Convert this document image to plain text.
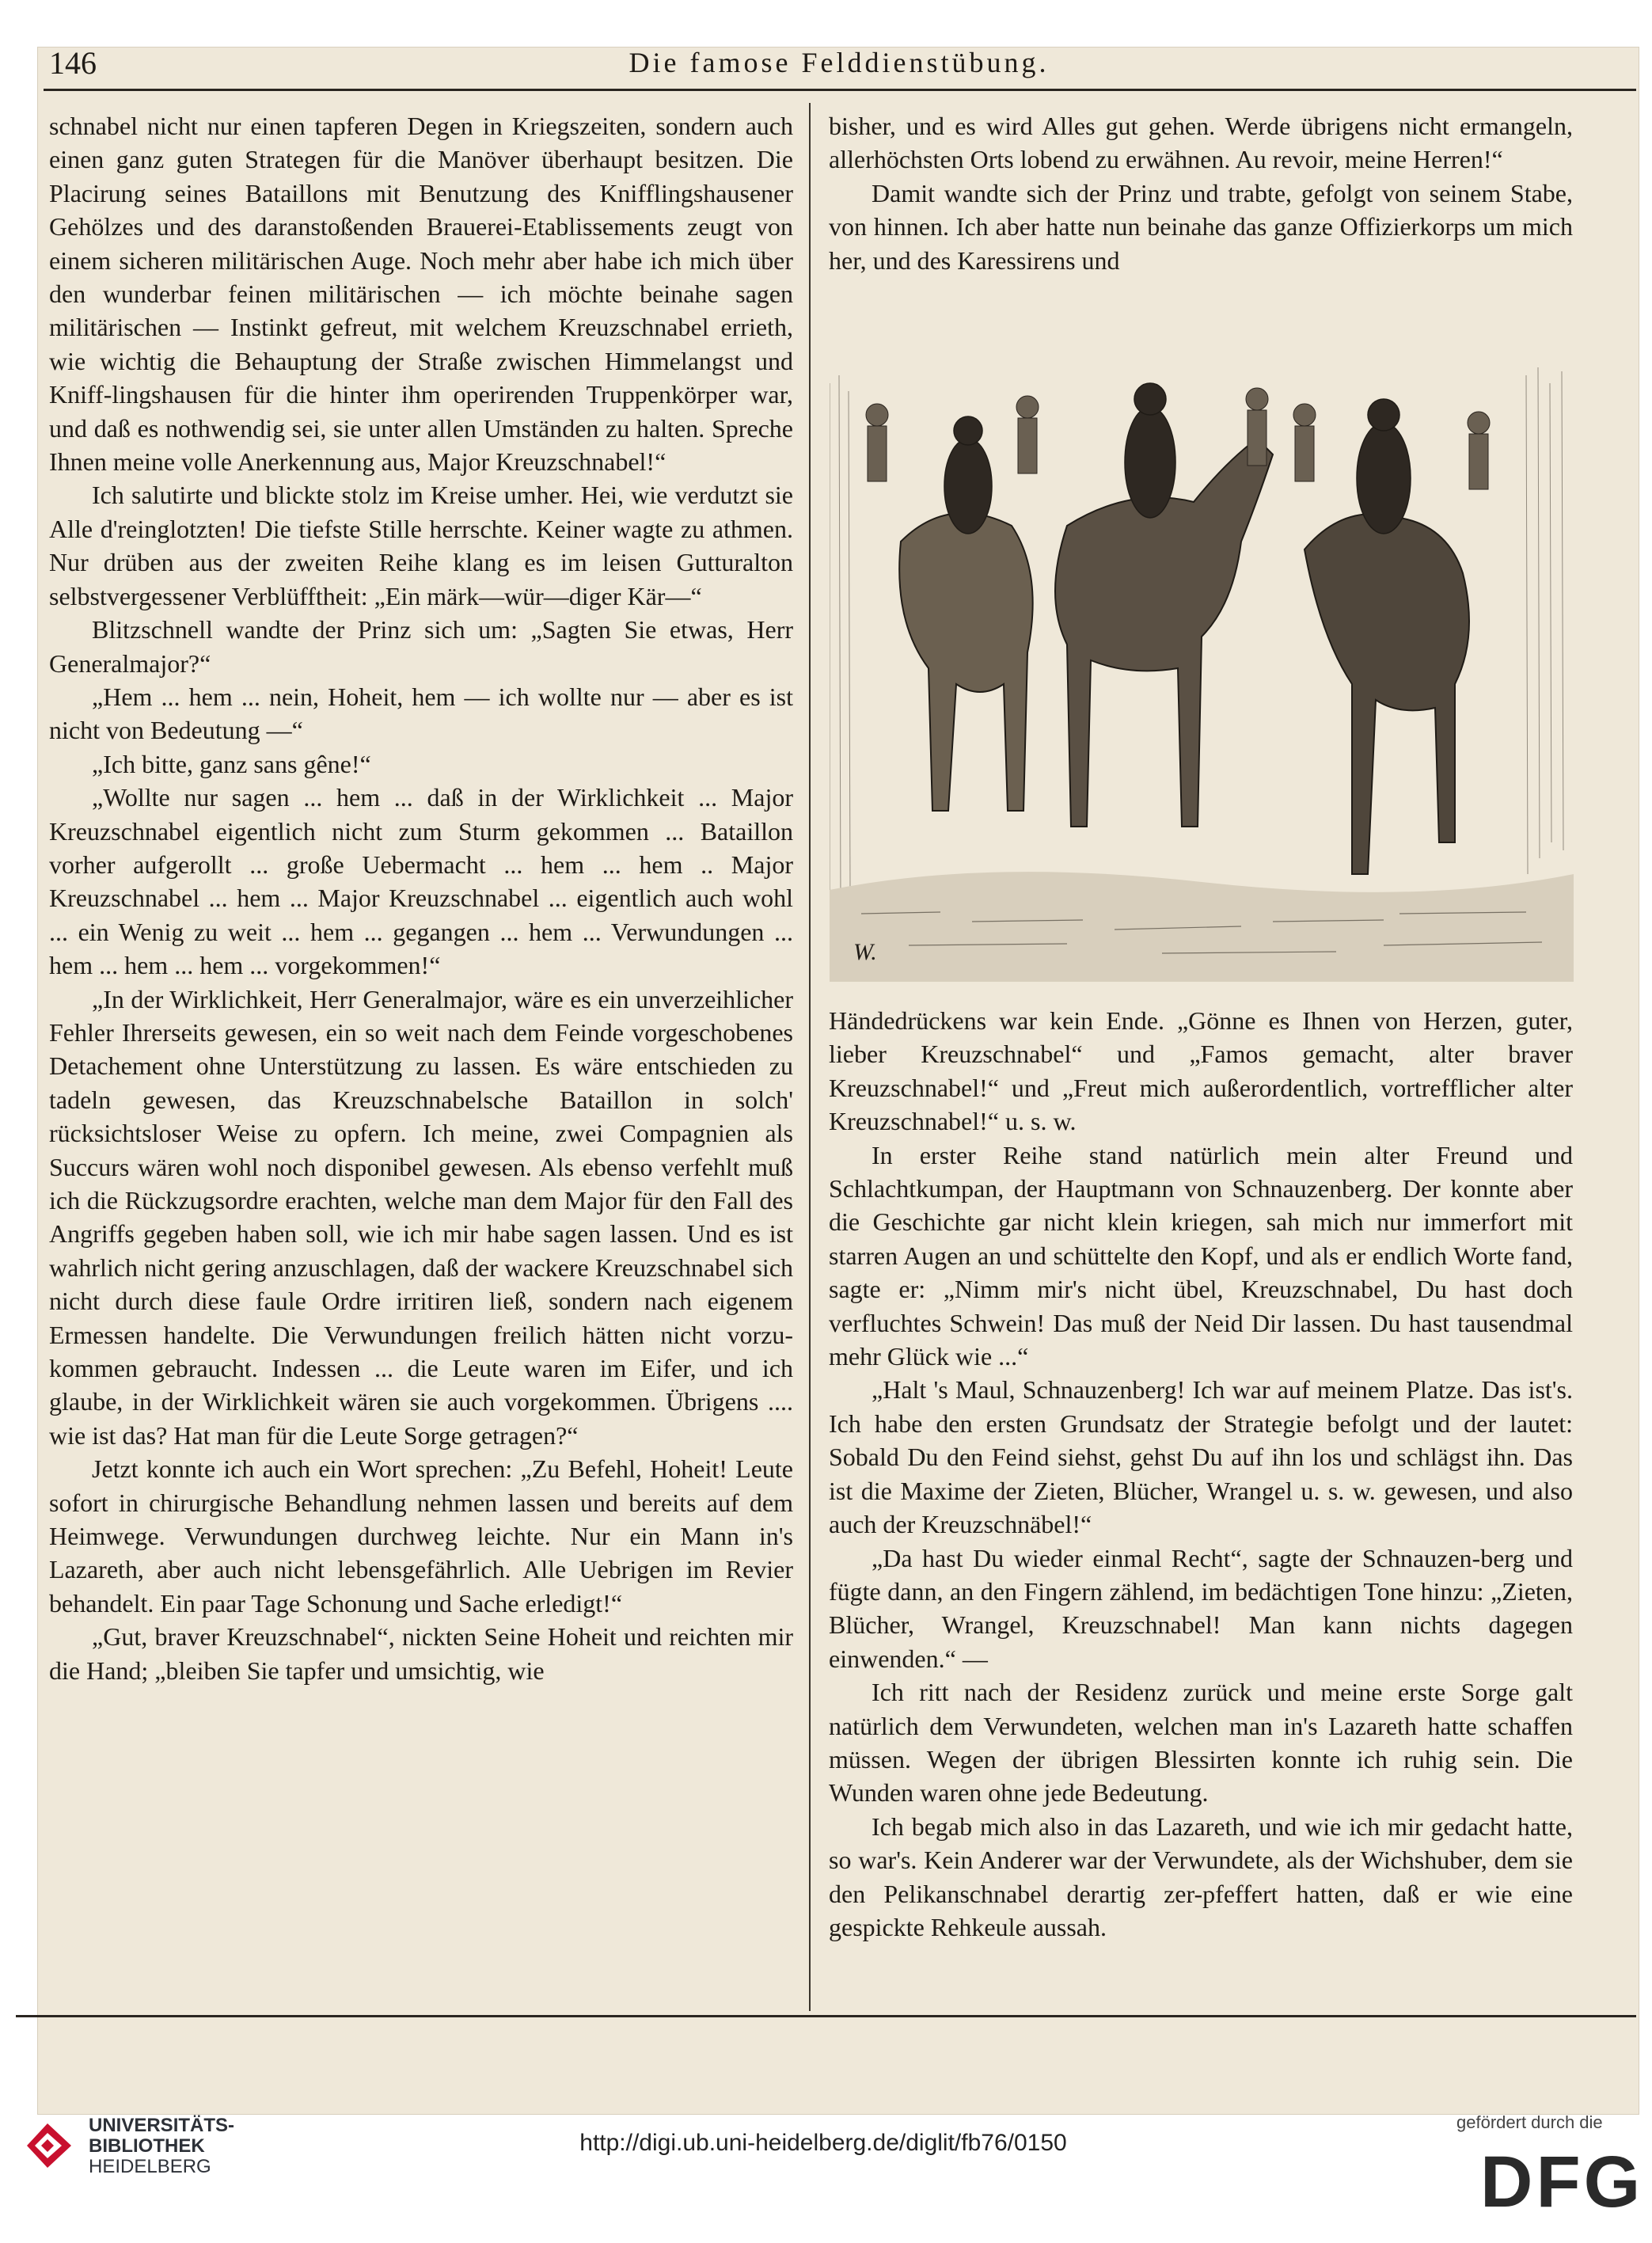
146	Die famose Felddienstübung.

schnabel nicht nur einen tapferen Degen in Kriegszeiten, sondern auch einen ganz guten Strategen für die Manöver überhaupt besitzen. Die Placirung seines Bataillons mit Benutzung des Knifflingshausener Gehölzes und des daranstoßenden Brauerei-Etablissements zeugt von einem sicheren militärischen Auge. Noch mehr aber habe ich mich über den wunderbar feinen militärischen — ich möchte beinahe sagen militärischen — Instinkt gefreut, mit welchem Kreuzschnabel errieth, wie wichtig die Behauptung der Straße zwischen Himmelangst und Kniff-lingshausen für die hinter ihm operirenden Truppenkörper war, und daß es nothwendig sei, sie unter allen Umständen zu halten. Spreche Ihnen meine volle Anerkennung aus, Major Kreuzschnabel!“

Ich salutirte und blickte stolz im Kreise umher. Hei, wie verdutzt sie Alle d'reinglotzten! Die tiefste Stille herrschte. Keiner wagte zu athmen. Nur drüben aus der zweiten Reihe klang es im leisen Gutturalton selbstvergessener Verblüfftheit: „Ein märk—wür—diger Kär—“

Blitzschnell wandte der Prinz sich um: „Sagten Sie etwas, Herr Generalmajor?“

„Hem ... hem ... nein, Hoheit, hem — ich wollte nur — aber es ist nicht von Bedeutung —“

„Ich bitte, ganz sans gêne!“

„Wollte nur sagen ... hem ... daß in der Wirklichkeit ... Major Kreuzschnabel eigentlich nicht zum Sturm gekommen ... Bataillon vorher aufgerollt ... große Uebermacht ... hem ... hem .. Major Kreuzschnabel ... hem ... Major Kreuzschnabel ... eigentlich auch wohl ... ein Wenig zu weit ... hem ... gegangen ... hem ... Verwundungen ... hem ... hem ... hem ... vorgekommen!“

„In der Wirklichkeit, Herr Generalmajor, wäre es ein unverzeihlicher Fehler Ihrerseits gewesen, ein so weit nach dem Feinde vorgeschobenes Detachement ohne Unterstützung zu lassen. Es wäre entschieden zu tadeln gewesen, das Kreuzschnabelsche Bataillon in solch' rücksichtsloser Weise zu opfern. Ich meine, zwei Compagnien als Succurs wären wohl noch disponibel gewesen. Als ebenso verfehlt muß ich die Rückzugsordre erachten, welche man dem Major für den Fall des Angriffs gegeben haben soll, wie ich mir habe sagen lassen. Und es ist wahrlich nicht gering anzuschlagen, daß der wackere Kreuzschnabel sich nicht durch diese faule Ordre irritiren ließ, sondern nach eigenem Ermessen handelte. Die Verwundungen freilich hätten nicht vorzu-kommen gebraucht. Indessen ... die Leute waren im Eifer, und ich glaube, in der Wirklichkeit wären sie auch vorgekommen. Übrigens .... wie ist das? Hat man für die Leute Sorge getragen?“

Jetzt konnte ich auch ein Wort sprechen: „Zu Befehl, Hoheit! Leute sofort in chirurgische Behandlung nehmen lassen und bereits auf dem Heimwege. Verwundungen durchweg leichte. Nur ein Mann in's Lazareth, aber auch nicht lebensgefährlich. Alle Uebrigen im Revier behandelt. Ein paar Tage Schonung und Sache erledigt!“

„Gut, braver Kreuzschnabel“, nickten Seine Hoheit und reichten mir die Hand; „bleiben Sie tapfer und umsichtig, wie

bisher, und es wird Alles gut gehen. Werde übrigens nicht ermangeln, allerhöchsten Orts lobend zu erwähnen. Au revoir, meine Herren!“

Damit wandte sich der Prinz und trabte, gefolgt von seinem Stabe, von hinnen. Ich aber hatte nun beinahe das ganze Offizierkorps um mich her, und des Karessirens und

W.

Händedrückens war kein Ende. „Gönne es Ihnen von Herzen, guter, lieber Kreuzschnabel“ und „Famos gemacht, alter braver Kreuzschnabel!“ und „Freut mich außerordentlich, vortrefflicher alter Kreuzschnabel!“ u. s. w.

In erster Reihe stand natürlich mein alter Freund und Schlachtkumpan, der Hauptmann von Schnauzenberg. Der konnte aber die Geschichte gar nicht klein kriegen, sah mich nur immerfort mit starren Augen an und schüttelte den Kopf, und als er endlich Worte fand, sagte er: „Nimm mir's nicht übel, Kreuzschnabel, Du hast doch verfluchtes Schwein! Das muß der Neid Dir lassen. Du hast tausendmal mehr Glück wie ...“

„Halt 's Maul, Schnauzenberg! Ich war auf meinem Platze. Das ist's. Ich habe den ersten Grundsatz der Strategie befolgt und der lautet: Sobald Du den Feind siehst, gehst Du auf ihn los und schlägst ihn. Das ist die Maxime der Zieten, Blücher, Wrangel u. s. w. gewesen, und also auch der Kreuzschnäbel!“

„Da hast Du wieder einmal Recht“, sagte der Schnauzen-berg und fügte dann, an den Fingern zählend, im bedächtigen Tone hinzu: „Zieten, Blücher, Wrangel, Kreuzschnabel! Man kann nichts dagegen einwenden.“ —

Ich ritt nach der Residenz zurück und meine erste Sorge galt natürlich dem Verwundeten, welchen man in's Lazareth hatte schaffen müssen. Wegen der übrigen Blessirten konnte ich ruhig sein. Die Wunden waren ohne jede Bedeutung.

Ich begab mich also in das Lazareth, und wie ich mir gedacht hatte, so war's. Kein Anderer war der Verwundete, als der Wichshuber, dem sie den Pelikanschnabel derartig zer-pfeffert hatten, daß er wie eine gespickte Rehkeule aussah.

UNIVERSITÄTS-
BIBLIOTHEK
HEIDELBERG
http://digi.ub.uni-heidelberg.de/diglit/fb76/0150
gefördert durch die
DFG
